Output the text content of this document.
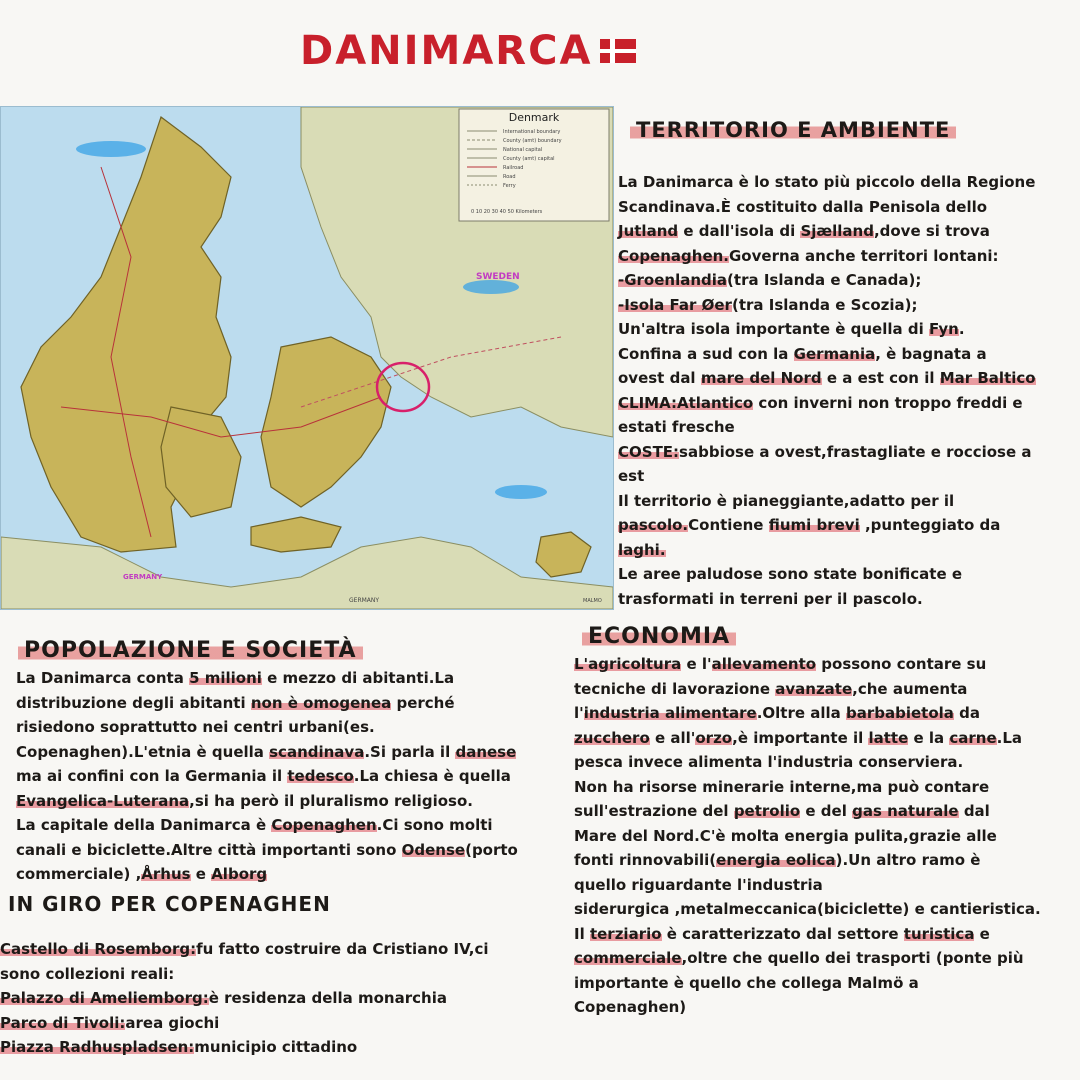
DANIMARCA
Denmark
International boundary
County (amt) boundary
National capital
County (amt) capital
Railroad
Road
Ferry
0 10 20 30 40 50 Kilometers
SWEDEN
GERMANY
GERMANY	MALMO
TERRITORIO E AMBIENTE
La Danimarca è lo stato più piccolo della Regione
Scandinava.È costituito dalla Penisola dello
Jutland e dall'isola di Sjælland,dove si trova
Copenaghen.Governa anche territori lontani:
-Groenlandia(tra Islanda e Canada);
-Isola Far Øer(tra Islanda e Scozia);
Un'altra isola importante è quella di Fyn.
Confina a sud con la Germania, è bagnata a
ovest dal mare del Nord e a est con il Mar Baltico
CLIMA:Atlantico con inverni non troppo freddi e
estati fresche
COSTE:sabbiose a ovest,frastagliate e rocciose a
est
Il territorio è pianeggiante,adatto per il
pascolo.Contiene fiumi brevi ,punteggiato da
laghi.
Le aree paludose sono state bonificate e
trasformati in terreni per il pascolo.
POPOLAZIONE E SOCIETÀ
La Danimarca conta 5 milioni e mezzo di abitanti.La
distribuzione degli abitanti non è omogenea perché
risiedono soprattutto nei centri urbani(es.
Copenaghen).L'etnia è quella scandinava.Si parla il danese
ma ai confini con la Germania il tedesco.La chiesa è quella
Evangelica-Luterana,si ha però il pluralismo religioso.
La capitale della Danimarca è Copenaghen.Ci sono molti
canali e biciclette.Altre città importanti sono Odense(porto
commerciale) ,Århus e Alborg
ECONOMIA
L'agricoltura e l'allevamento possono contare su
tecniche di lavorazione avanzate,che aumenta
l'industria alimentare.Oltre alla barbabietola da
zucchero e all'orzo,è importante il latte e la carne.La
pesca invece alimenta l'industria conserviera.
Non ha risorse minerarie interne,ma può contare
sull'estrazione del petrolio e del gas naturale dal
Mare del Nord.C'è molta energia pulita,grazie alle
fonti rinnovabili(energia eolica).Un altro ramo è
quello riguardante l'industria
siderurgica ,metalmeccanica(biciclette) e cantieristica.
Il terziario è caratterizzato dal settore turistica e
commerciale,oltre che quello dei trasporti (ponte più
importante è quello che collega Malmö a
Copenaghen)
IN GIRO PER COPENAGHEN
Castello di Rosemborg:fu fatto costruire da Cristiano IV,ci
sono collezioni reali:
Palazzo di Ameliemborg:è residenza della monarchia
Parco di Tivoli:area giochi
Piazza Radhuspladsen:municipio cittadino
